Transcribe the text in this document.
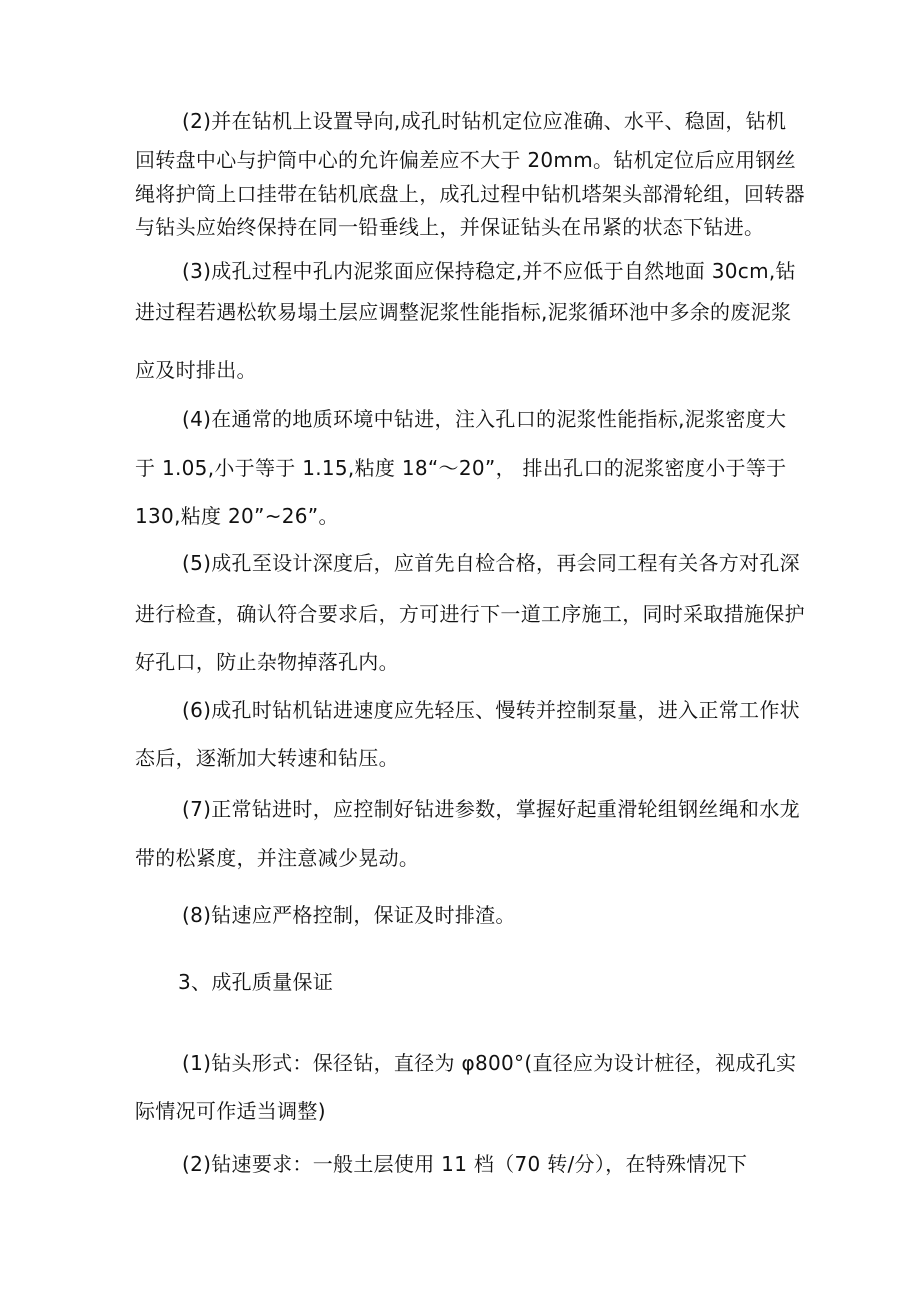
(2)并在钻机上设置导向,成孔时钻机定位应准确、水平、稳固，钻机
回转盘中心与护筒中心的允许偏差应不大于 20mm。钻机定位后应用钢丝
绳将护筒上口挂带在钻机底盘上，成孔过程中钻机塔架头部滑轮组，回转器
与钻头应始终保持在同一铅垂线上，并保证钻头在吊紧的状态下钻进。
(3)成孔过程中孔内泥浆面应保持稳定,并不应低于自然地面 30cm,钻
进过程若遇松软易塌土层应调整泥浆性能指标,泥浆循环池中多余的废泥浆
应及时排出。
(4)在通常的地质环境中钻进，注入孔口的泥浆性能指标,泥浆密度大
于 1.05,小于等于 1.15,粘度 18“～20”， 排出孔口的泥浆密度小于等于
130,粘度 20”~26”。
(5)成孔至设计深度后，应首先自检合格，再会同工程有关各方对孔深
进行检查，确认符合要求后，方可进行下一道工序施工，同时采取措施保护
好孔口，防止杂物掉落孔内。
(6)成孔时钻机钻进速度应先轻压、慢转并控制泵量，进入正常工作状
态后，逐渐加大转速和钻压。
(7)正常钻进时，应控制好钻进参数，掌握好起重滑轮组钢丝绳和水龙
带的松紧度，并注意减少晃动。
(8)钻速应严格控制，保证及时排渣。
3、成孔质量保证
(1)钻头形式：保径钻，直径为 φ800°(直径应为设计桩径，视成孔实
际情况可作适当调整)
(2)钻速要求：一般土层使用 11 档（70 转/分），在特殊情况下
